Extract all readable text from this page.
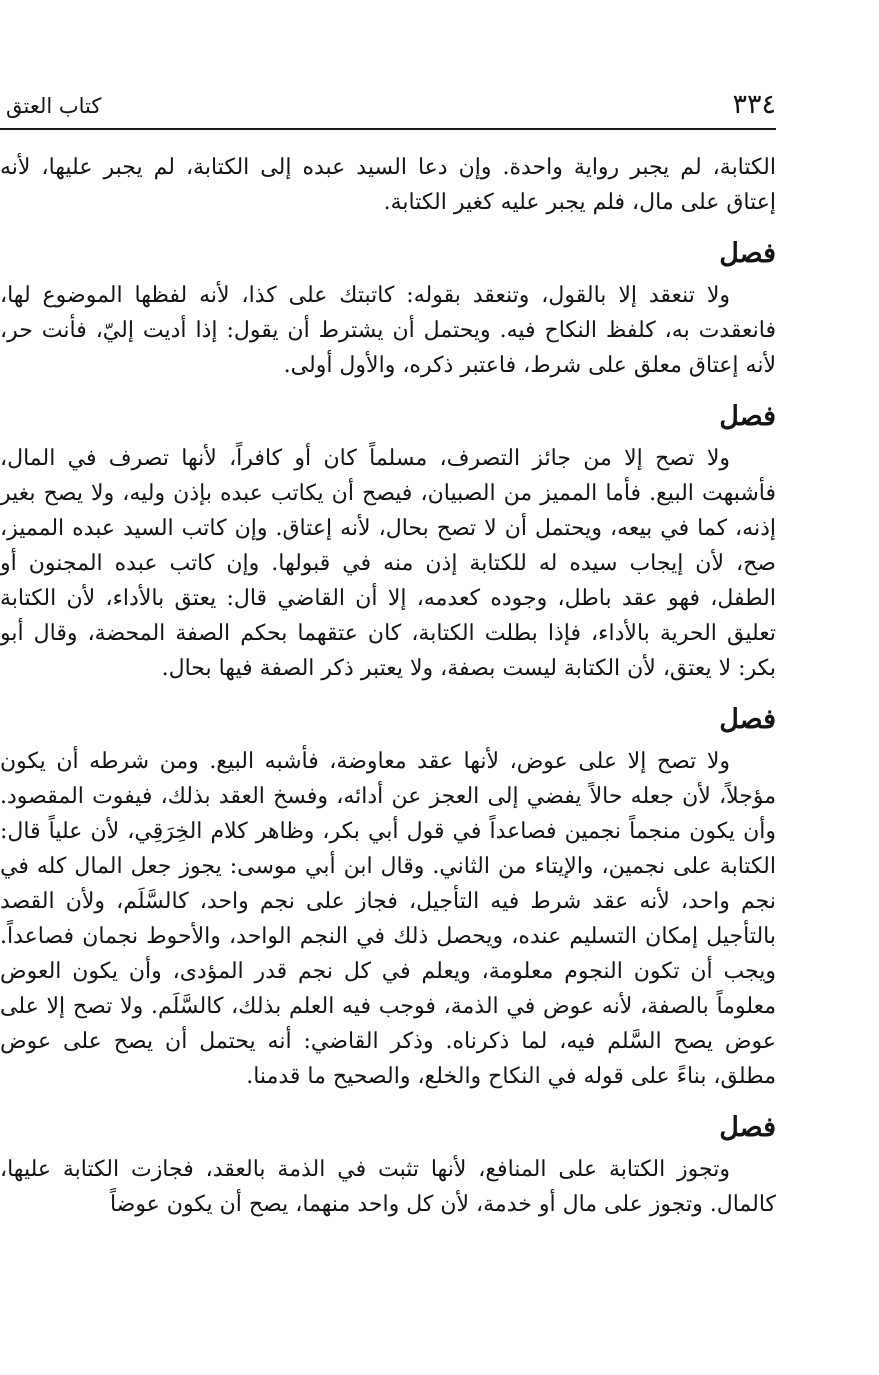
٣٣٤
كتاب العتق

الكتابة، لم يجبر رواية واحدة. وإن دعا السيد عبده إلى الكتابة، لم يجبر عليها، لأنه إعتاق على مال، فلم يجبر عليه كغير الكتابة.

فصل

ولا تنعقد إلا بالقول، وتنعقد بقوله: كاتبتك على كذا، لأنه لفظها الموضوع لها، فانعقدت به، كلفظ النكاح فيه. ويحتمل أن يشترط أن يقول: إذا أديت إليّ، فأنت حر، لأنه إعتاق معلق على شرط، فاعتبر ذكره، والأول أولى.

فصل

ولا تصح إلا من جائز التصرف، مسلماً كان أو كافراً، لأنها تصرف في المال، فأشبهت البيع. فأما المميز من الصبيان، فيصح أن يكاتب عبده بإذن وليه، ولا يصح بغير إذنه، كما في بيعه، ويحتمل أن لا تصح بحال، لأنه إعتاق. وإن كاتب السيد عبده المميز، صح، لأن إيجاب سيده له للكتابة إذن منه في قبولها. وإن كاتب عبده المجنون أو الطفل، فهو عقد باطل، وجوده كعدمه، إلا أن القاضي قال: يعتق بالأداء، لأن الكتابة تعليق الحرية بالأداء، فإذا بطلت الكتابة، كان عتقهما بحكم الصفة المحضة، وقال أبو بكر: لا يعتق، لأن الكتابة ليست بصفة، ولا يعتبر ذكر الصفة فيها بحال.

فصل

ولا تصح إلا على عوض، لأنها عقد معاوضة، فأشبه البيع. ومن شرطه أن يكون مؤجلاً، لأن جعله حالاً يفضي إلى العجز عن أدائه، وفسخ العقد بذلك، فيفوت المقصود. وأن يكون منجماً نجمين فصاعداً في قول أبي بكر، وظاهر كلام الخِرَقِي، لأن علياً قال: الكتابة على نجمين، والإيتاء من الثاني. وقال ابن أبي موسى: يجوز جعل المال كله في نجم واحد، لأنه عقد شرط فيه التأجيل، فجاز على نجم واحد، كالسَّلَم، ولأن القصد بالتأجيل إمكان التسليم عنده، ويحصل ذلك في النجم الواحد، والأحوط نجمان فصاعداً. ويجب أن تكون النجوم معلومة، ويعلم في كل نجم قدر المؤدى، وأن يكون العوض معلوماً بالصفة، لأنه عوض في الذمة، فوجب فيه العلم بذلك، كالسَّلَم. ولا تصح إلا على عوض يصح السَّلم فيه، لما ذكرناه. وذكر القاضي: أنه يحتمل أن يصح على عوض مطلق، بناءً على قوله في النكاح والخلع، والصحيح ما قدمنا.

فصل

وتجوز الكتابة على المنافع، لأنها تثبت في الذمة بالعقد، فجازت الكتابة عليها، كالمال. وتجوز على مال أو خدمة، لأن كل واحد منهما، يصح أن يكون عوضاً
